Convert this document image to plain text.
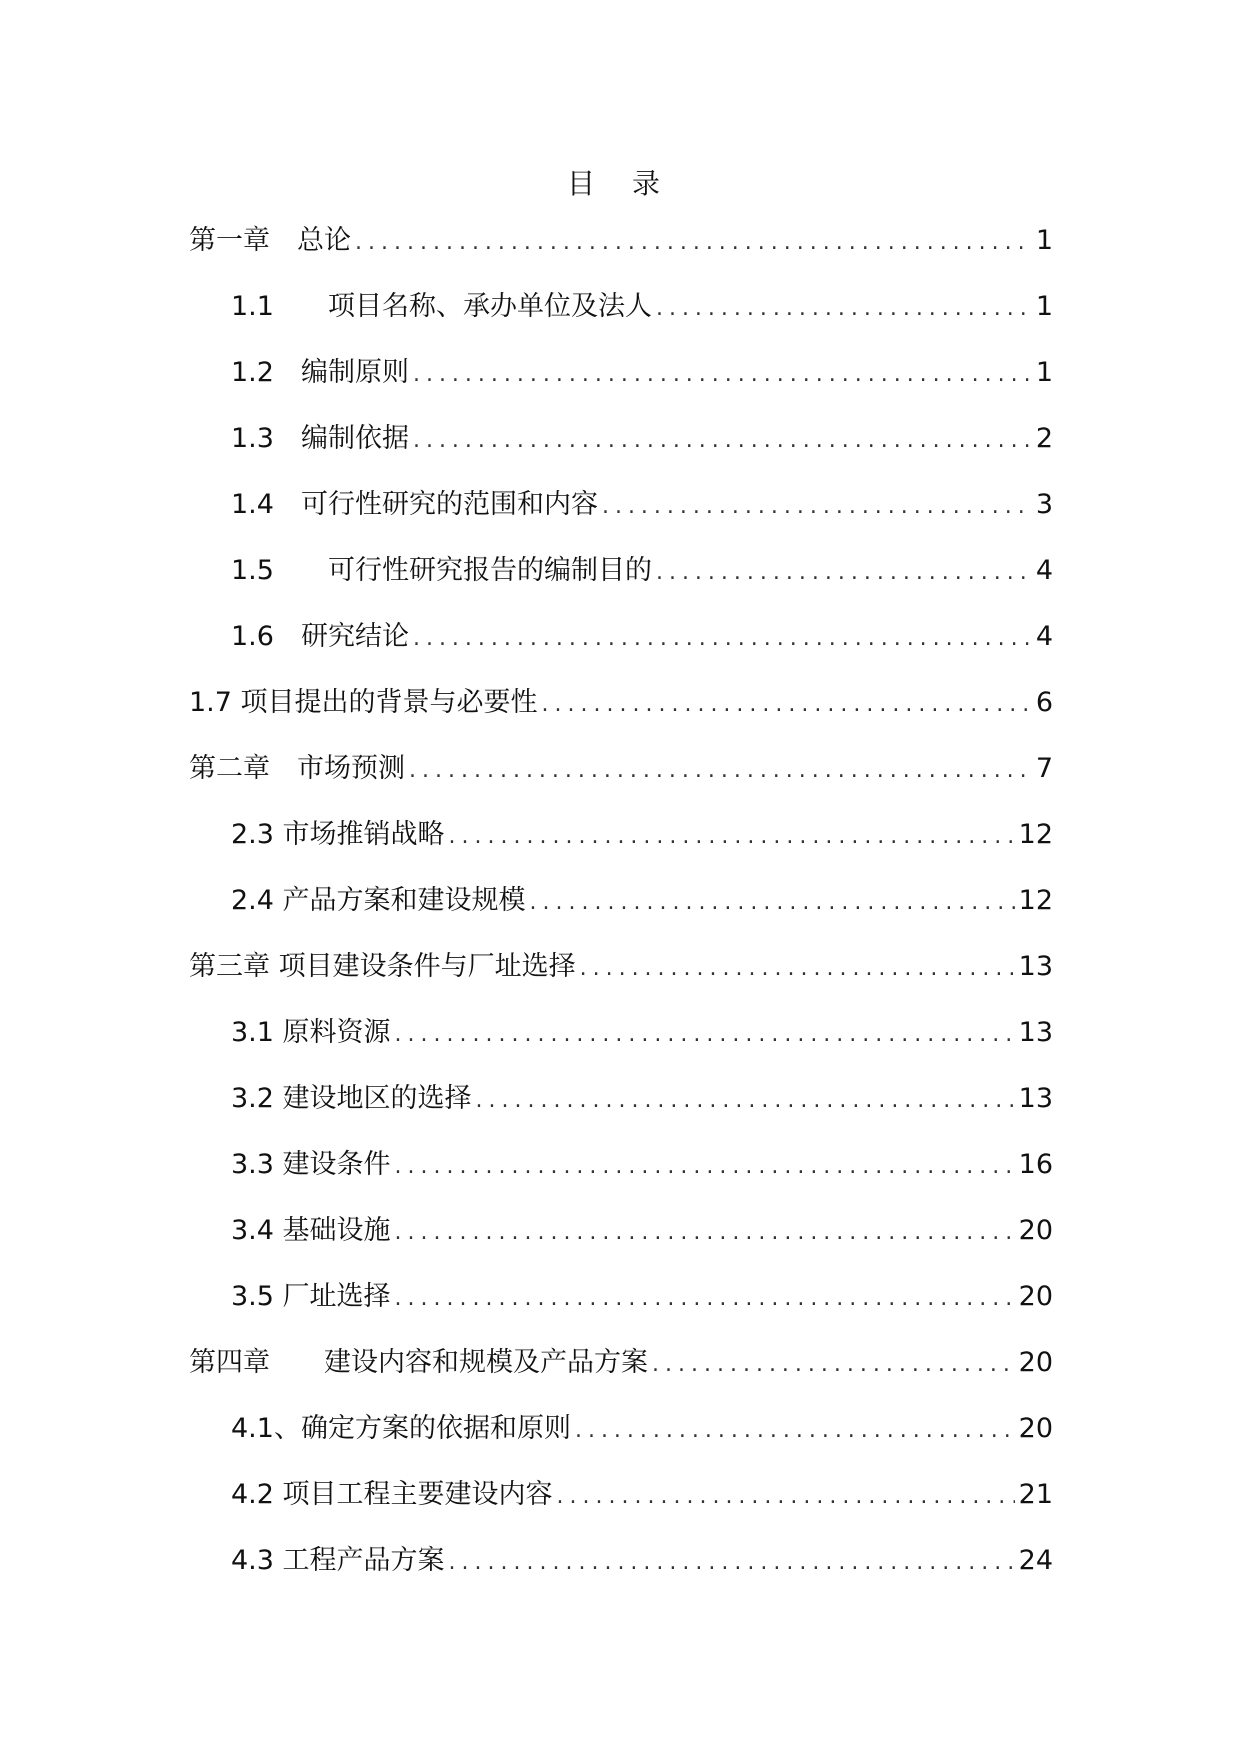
目 录
第一章　总论 .....	1
1.1　　项目名称、承办单位及法人 .....	1
1.2　编制原则 .....	1
1.3　编制依据 .....	2
1.4　可行性研究的范围和内容 .....	3
1.5　　可行性研究报告的编制目的 .....	4
1.6　研究结论 .....	4
1.7 项目提出的背景与必要性 .....	6
第二章　市场预测 .....	7
2.3 市场推销战略 .....	12
2.4 产品方案和建设规模 .....	12
第三章 项目建设条件与厂址选择 .....	13
3.1 原料资源 .....	13
3.2 建设地区的选择 .....	13
3.3 建设条件 .....	16
3.4 基础设施 .....	20
3.5 厂址选择 .....	20
第四章　　建设内容和规模及产品方案 .....	20
4.1、确定方案的依据和原则 .....	20
4.2 项目工程主要建设内容 .....	21
4.3 工程产品方案 .....	24
